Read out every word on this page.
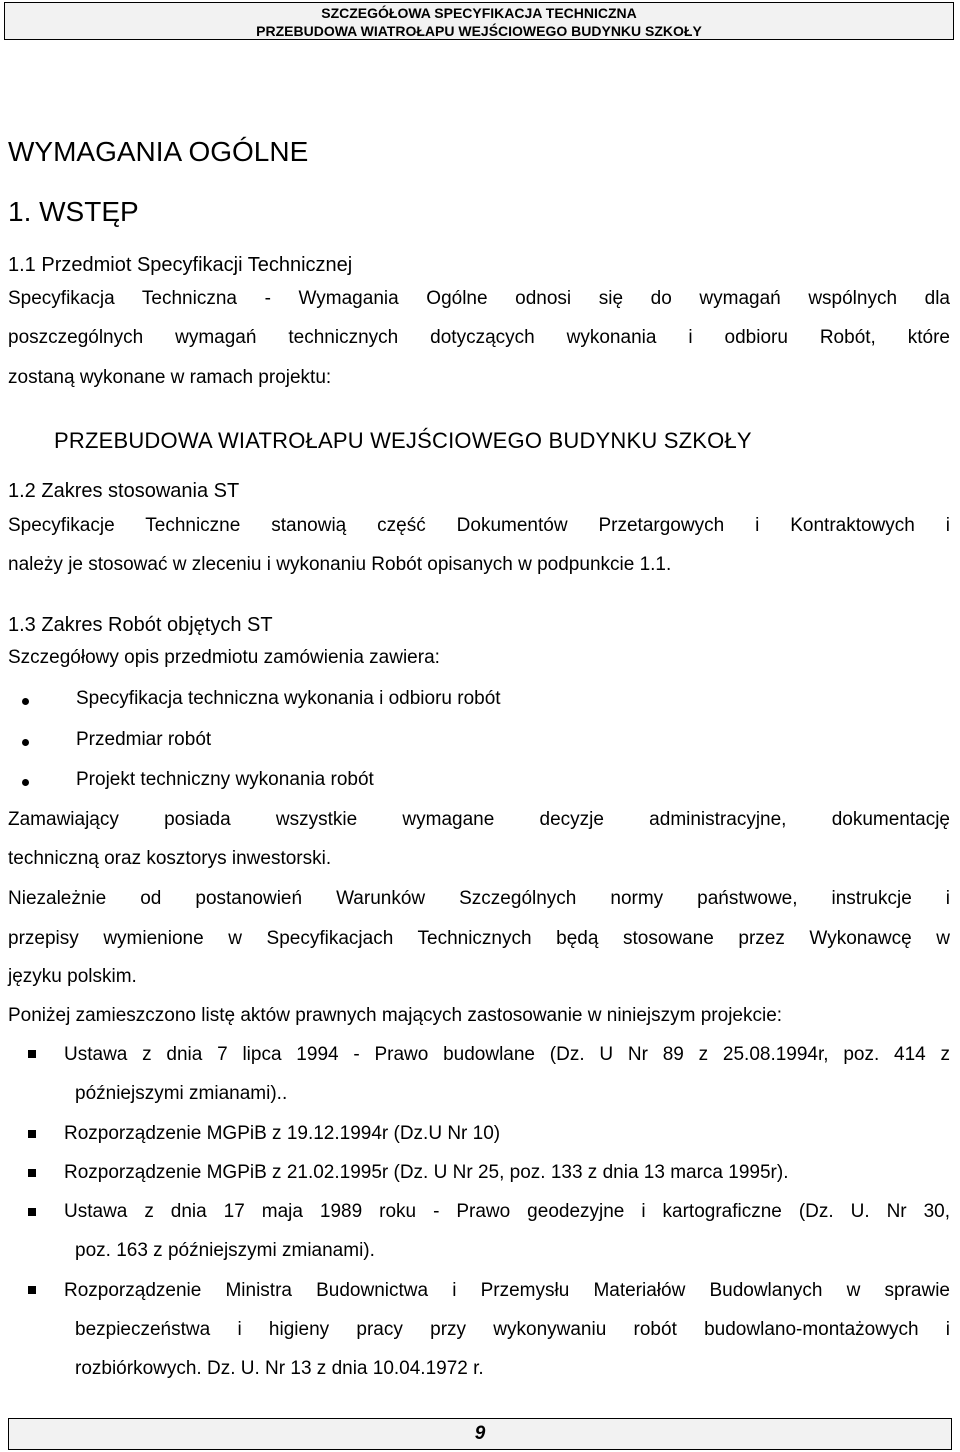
SZCZEGÓŁOWA SPECYFIKACJA TECHNICZNA
PRZEBUDOWA WIATROŁAPU WEJŚCIOWEGO BUDYNKU SZKOŁY
WYMAGANIA OGÓLNE
1. WSTĘP
1.1 Przedmiot Specyfikacji Technicznej
Specyfikacja Techniczna - Wymagania Ogólne odnosi się do wymagań wspólnych dla
poszczególnych wymagań technicznych dotyczących wykonania i odbioru Robót, które
zostaną wykonane w ramach projektu:
PRZEBUDOWA WIATROŁAPU WEJŚCIOWEGO BUDYNKU SZKOŁY
1.2 Zakres stosowania ST
Specyfikacje Techniczne stanowią część Dokumentów Przetargowych i Kontraktowych i
należy je stosować w zleceniu i wykonaniu Robót opisanych w podpunkcie 1.1.
1.3 Zakres Robót objętych ST
Szczegółowy opis przedmiotu zamówienia zawiera:
Specyfikacja techniczna wykonania i odbioru robót
Przedmiar robót
Projekt techniczny wykonania robót
Zamawiający posiada wszystkie wymagane decyzje administracyjne, dokumentację
techniczną oraz kosztorys inwestorski.
Niezależnie od postanowień Warunków Szczególnych normy państwowe, instrukcje i
przepisy wymienione w Specyfikacjach Technicznych będą stosowane przez Wykonawcę w
języku polskim.
Poniżej zamieszczono listę aktów prawnych mających zastosowanie w niniejszym projekcie:
Ustawa z dnia 7 lipca 1994 - Prawo budowlane (Dz. U Nr 89 z 25.08.1994r, poz. 414 z
późniejszymi zmianami)..
Rozporządzenie MGPiB z 19.12.1994r (Dz.U Nr 10)
Rozporządzenie MGPiB z 21.02.1995r (Dz. U Nr 25, poz. 133 z dnia 13 marca 1995r).
Ustawa z dnia 17 maja 1989 roku - Prawo geodezyjne i kartograficzne (Dz. U. Nr 30,
poz. 163 z późniejszymi zmianami).
Rozporządzenie Ministra Budownictwa i Przemysłu Materiałów Budowlanych w sprawie
bezpieczeństwa i higieny pracy przy wykonywaniu robót budowlano-montażowych i
rozbiórkowych. Dz. U. Nr 13 z dnia 10.04.1972 r.
9
